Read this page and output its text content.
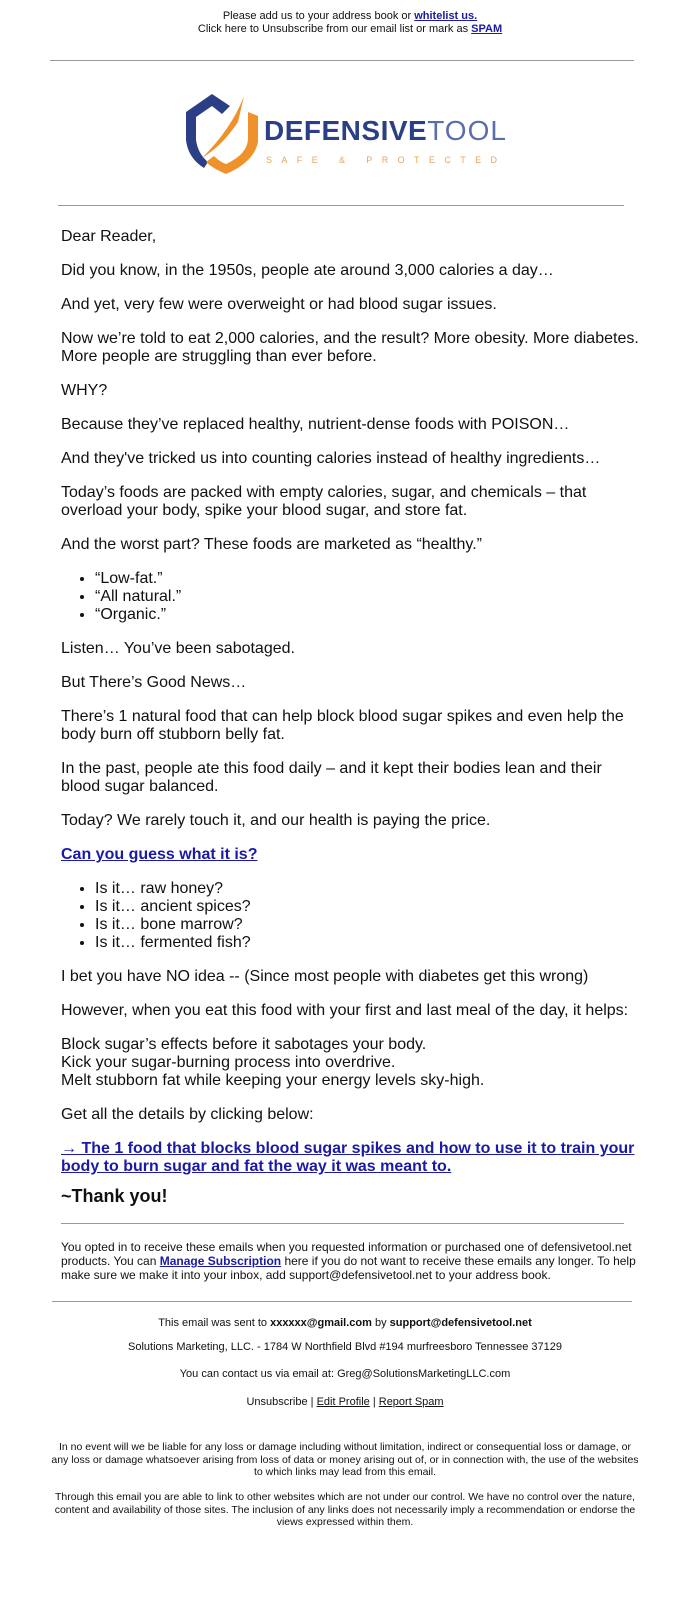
Please add us to your address book or whitelist us.
Click here to Unsubscribe from our email list or mark as SPAM
DEFENSIVETOOL
SAFE & PROTECTED

Dear Reader,

Did you know, in the 1950s, people ate around 3,000 calories a day…

And yet, very few were overweight or had blood sugar issues.

Now we’re told to eat 2,000 calories, and the result? More obesity. More diabetes. More people are struggling than ever before.

WHY?

Because they’ve replaced healthy, nutrient-dense foods with POISON…

And they've tricked us into counting calories instead of healthy ingredients…

Today’s foods are packed with empty calories, sugar, and chemicals – that overload your body, spike your blood sugar, and store fat.

And the worst part? These foods are marketed as “healthy.”

• “Low-fat.”
• “All natural.”
• “Organic.”

Listen… You’ve been sabotaged.

But There’s Good News…

There’s 1 natural food that can help block blood sugar spikes and even help the body burn off stubborn belly fat.

In the past, people ate this food daily – and it kept their bodies lean and their blood sugar balanced.

Today? We rarely touch it, and our health is paying the price.

Can you guess what it is?

• Is it… raw honey?
• Is it… ancient spices?
• Is it… bone marrow?
• Is it… fermented fish?

I bet you have NO idea -- (Since most people with diabetes get this wrong)

However, when you eat this food with your first and last meal of the day, it helps:

Block sugar’s effects before it sabotages your body.
Kick your sugar-burning process into overdrive.
Melt stubborn fat while keeping your energy levels sky-high.

Get all the details by clicking below:

→ The 1 food that blocks blood sugar spikes and how to use it to train your body to burn sugar and fat the way it was meant to.

~Thank you!
You opted in to receive these emails when you requested information or purchased one of defensivetool.net products. You can Manage Subscription here if you do not want to receive these emails any longer. To help make sure we make it into your inbox, add support@defensivetool.net to your address book.
This email was sent to xxxxxx@gmail.com by support@defensivetool.net
Solutions Marketing, LLC. - 1784 W Northfield Blvd #194 murfreesboro Tennessee 37129
You can contact us via email at: Greg@SolutionsMarketingLLC.com
Unsubscribe | Edit Profile | Report Spam
In no event will we be liable for any loss or damage including without limitation, indirect or consequential loss or damage, or any loss or damage whatsoever arising from loss of data or money arising out of, or in connection with, the use of the websites to which links may lead from this email.
Through this email you are able to link to other websites which are not under our control. We have no control over the nature, content and availability of those sites. The inclusion of any links does not necessarily imply a recommendation or endorse the views expressed within them.
